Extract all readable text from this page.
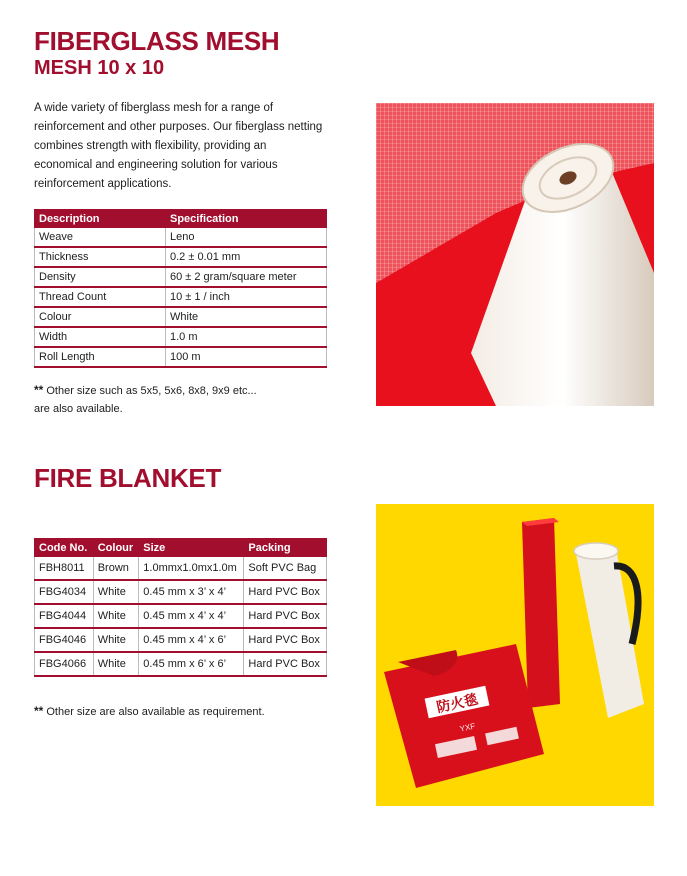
FIBERGLASS MESH
MESH 10 x 10

A wide variety of fiberglass mesh for a range of reinforcement and other purposes. Our fiberglass netting combines strength with flexibility, providing an economical and engineering solution for various reinforcement applications.

Description	Specification
Weave	Leno
Thickness	0.2 ± 0.01 mm
Density	60 ± 2 gram/square meter
Thread Count	10 ± 1 / inch
Colour	White
Width	1.0 m
Roll Length	100 m

** Other size such as 5x5, 5x6, 8x8, 9x9 etc...
are also available.

FIRE BLANKET
Code No.	Colour	Size	Packing
FBH8011	Brown	1.0mmx1.0mx1.0m	Soft PVC Bag
FBG4034	White	0.45 mm x 3’ x 4’	Hard PVC Box
FBG4044	White	0.45 mm x 4’ x 4’	Hard PVC Box
FBG4046	White	0.45 mm x 4’ x 6’	Hard PVC Box
FBG4066	White	0.45 mm x 6’ x 6’	Hard PVC Box

** Other size are also available as requirement.	防火毯
YXF
